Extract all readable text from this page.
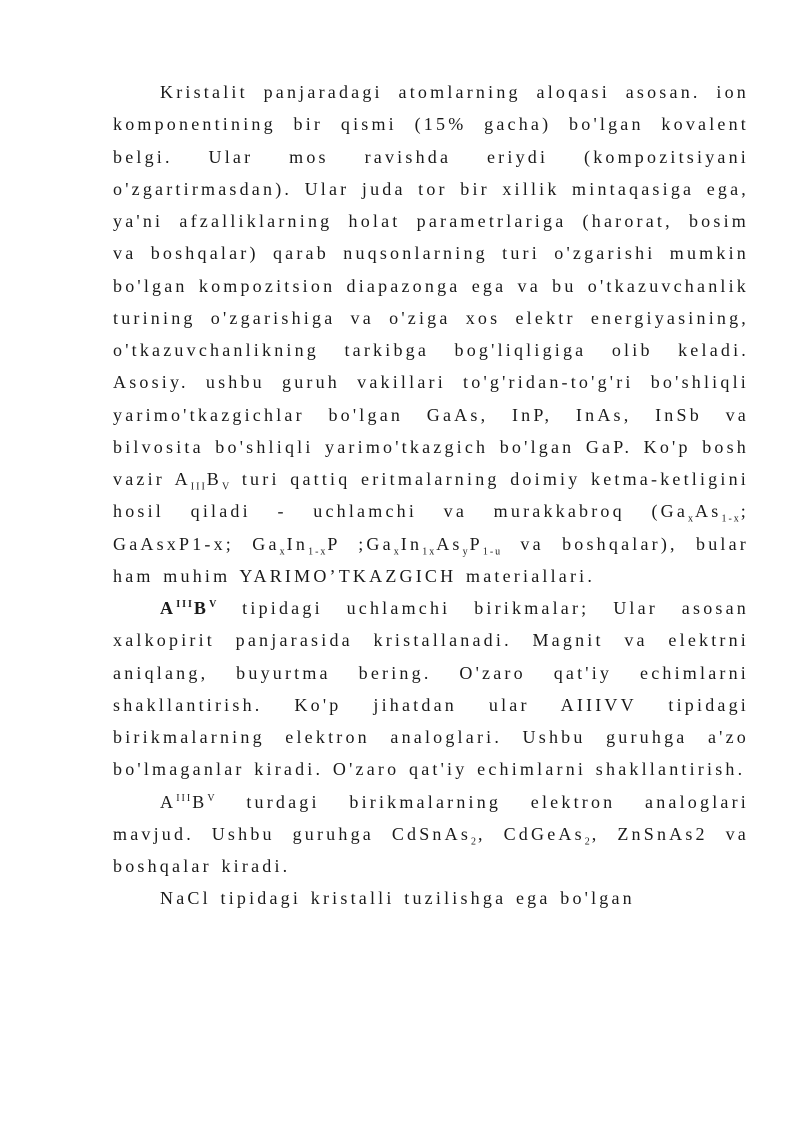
Kristalit panjaradagi atomlarning aloqasi asosan. ion komponentining bir qismi (15% gacha) bo'lgan kovalent belgi. Ular mos ravishda eriydi (kompozitsiyani o'zgartirmasdan). Ular juda tor bir xillik mintaqasiga ega, ya'ni afzalliklarning holat parametrlariga (harorat, bosim va boshqalar) qarab nuqsonlarning turi o'zgarishi mumkin bo'lgan kompozitsion diapazonga ega va bu o'tkazuvchanlik turining o'zgarishiga va o'ziga xos elektr energiyasining, o'tkazuvchanlikning tarkibga bog'liqligiga olib keladi. Asosiy. ushbu guruh vakillari to'g'ridan-to'g'ri bo'shliqli yarimo'tkazgichlar bo'lgan GaAs, InP, InAs, InSb va bilvosita bo'shliqli yarimo'tkazgich bo'lgan GaP. Ko'p bosh vazir $A_{III}B_V$ turi qattiq eritmalarning doimiy ketma-ketligini hosil qiladi - uchlamchi va murakkabroq ($Ga_xAs_{1-x}$; GaAsxP1-x; $Ga_xIn_{1-x}P$ $;Ga_xIn_{1x}As_yP_{1-u}$ va boshqalar), bular ham muhim YARIMO’TKAZGICH materiallari.

$A^{III}B^V$ tipidagi uchlamchi birikmalar; Ular asosan xalkopirit panjarasida kristallanadi. Magnit va elektrni aniqlang, buyurtma bering. O'zaro qat'iy echimlarni shakllantirish. Ko'p jihatdan ular AIIIVV tipidagi birikmalarning elektron analoglari. Ushbu guruhga a'zo bo'lmaganlar kiradi. O'zaro qat'iy echimlarni shakllantirish.

$A^{III}B^V$ turdagi birikmalarning elektron analoglari mavjud. Ushbu guruhga CdSnAs$_2$, CdGeAs$_2$, ZnSnAs2 va boshqalar kiradi.

NaCl tipidagi kristalli tuzilishga ega bo'lgan
